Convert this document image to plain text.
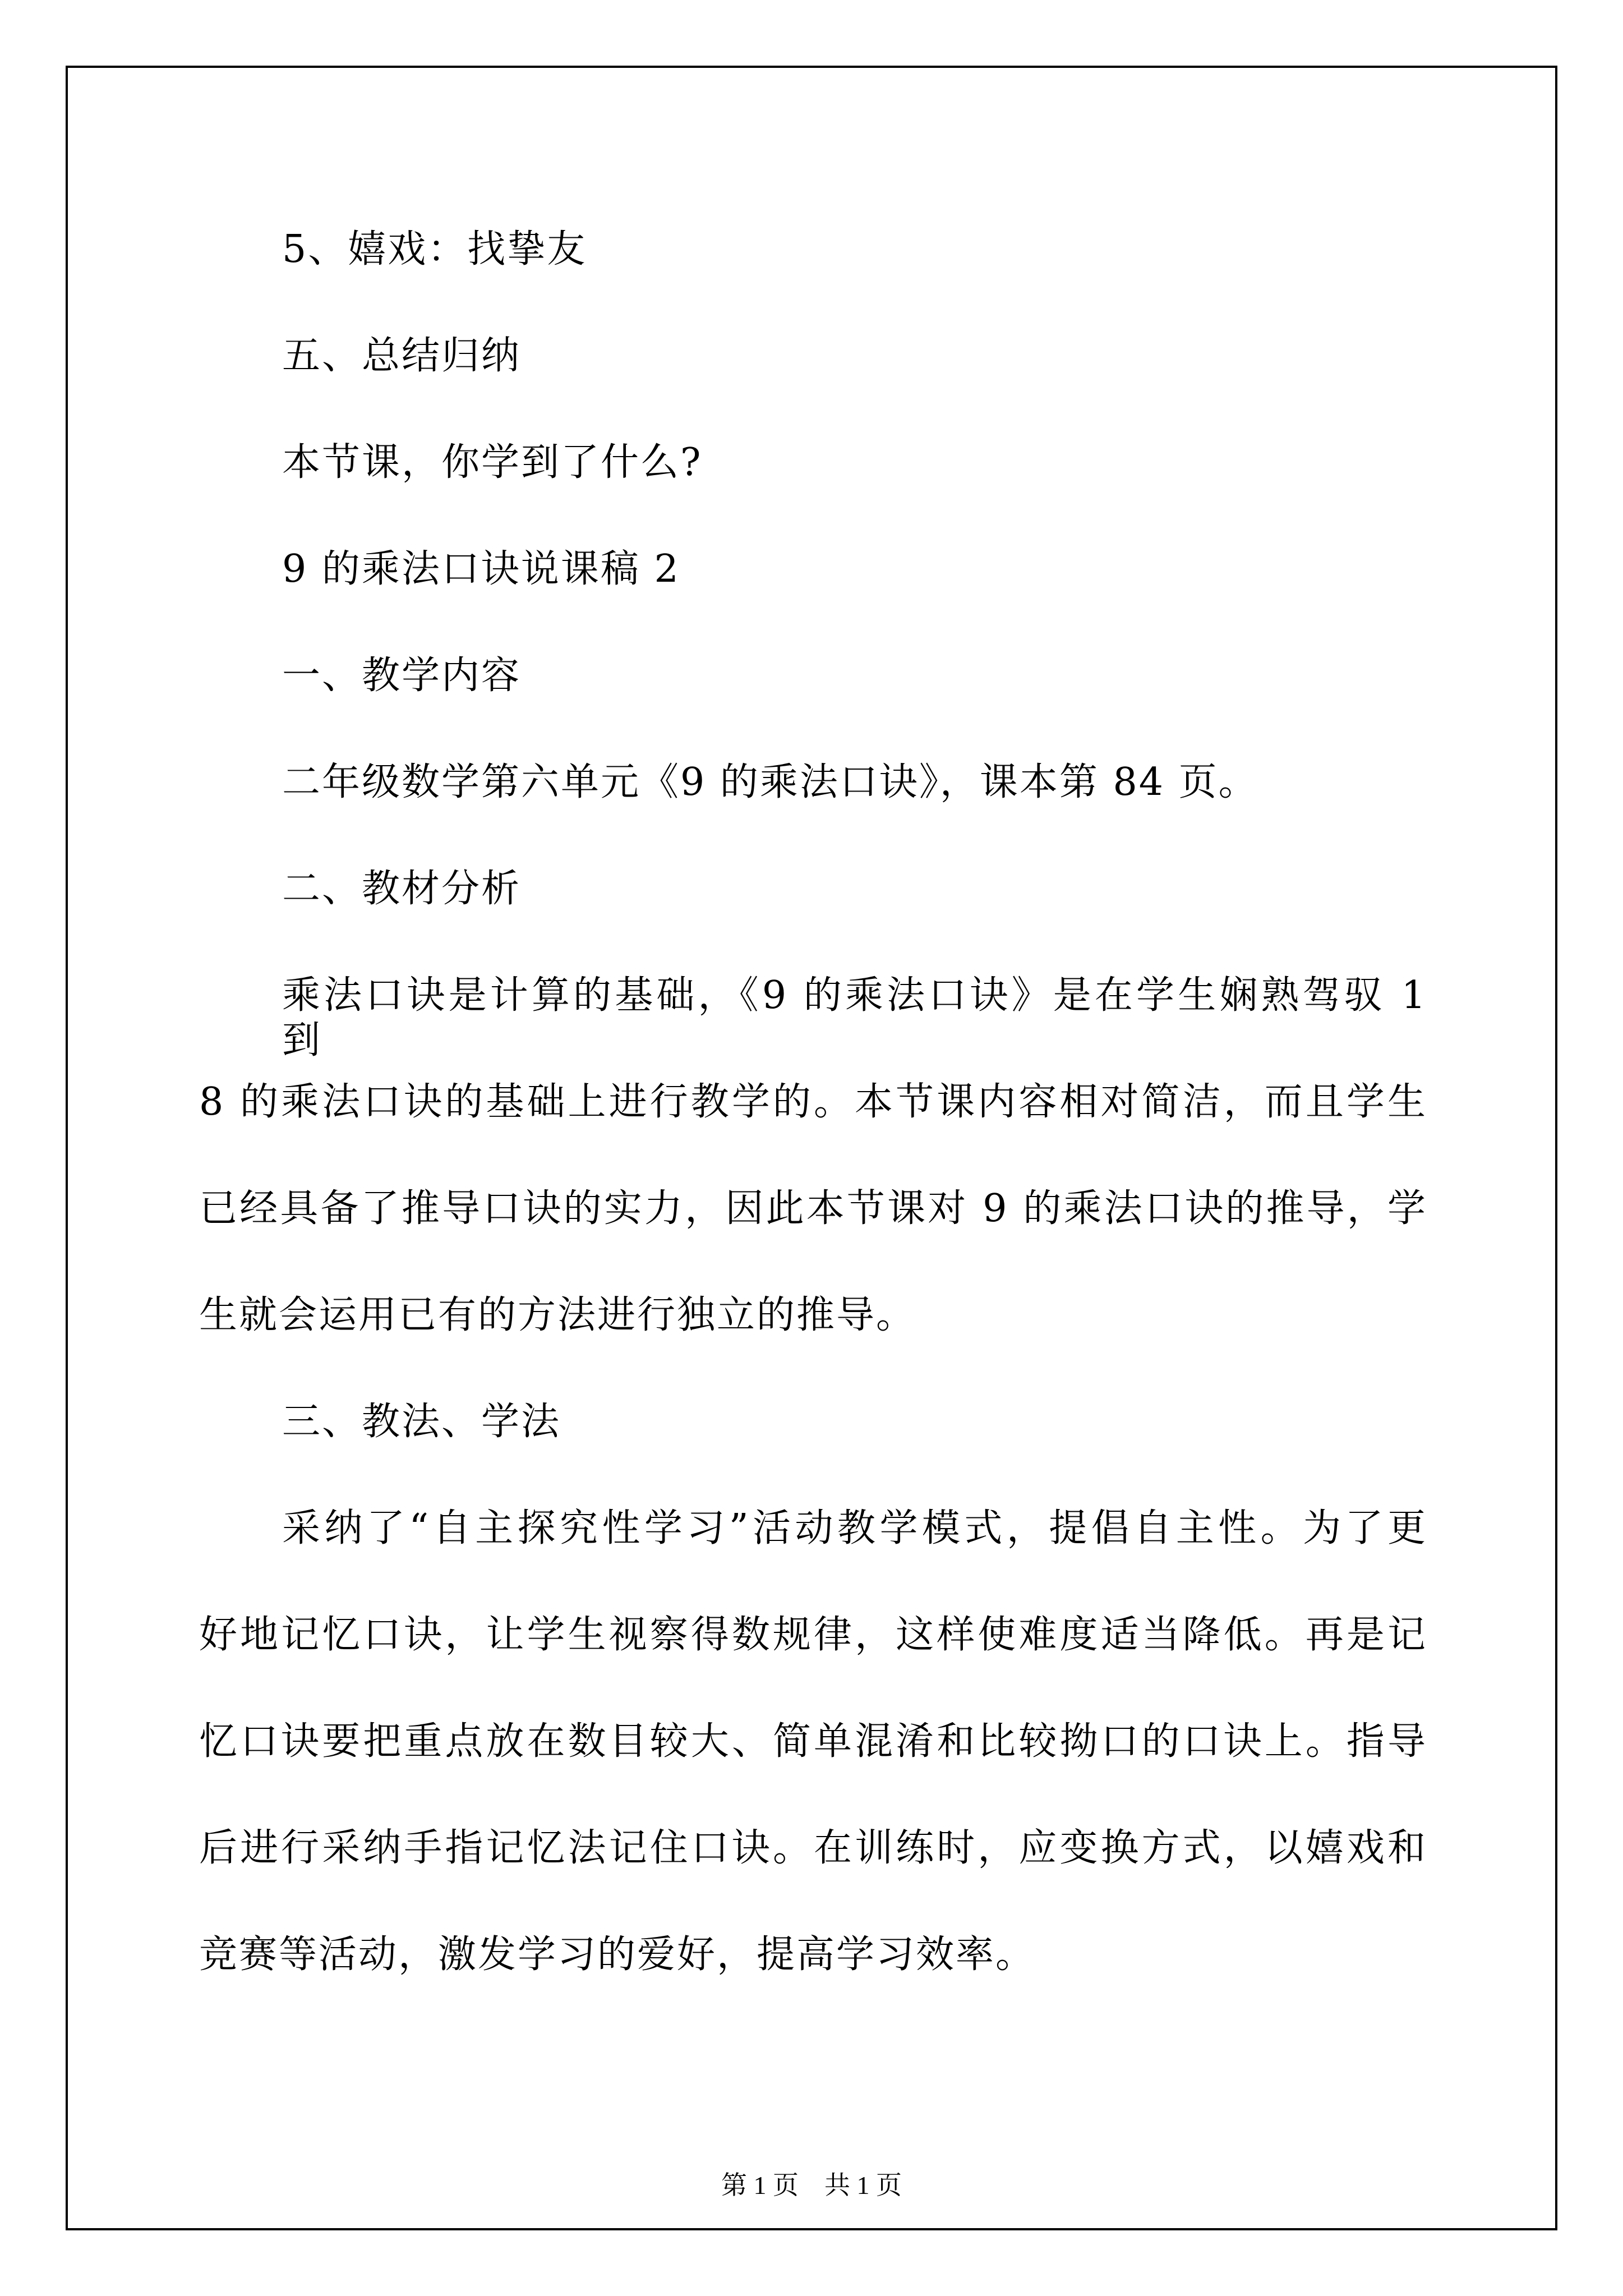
5、嬉戏：找挚友
五、总结归纳
本节课，你学到了什么?
9 的乘法口诀说课稿 2
一、教学内容
二年级数学第六单元《9 的乘法口诀》，课本第 84 页。
二、教材分析
乘法口诀是计算的基础，《9 的乘法口诀》是在学生娴熟驾驭 1 到
8 的乘法口诀的基础上进行教学的。本节课内容相对简洁，而且学生
已经具备了推导口诀的实力，因此本节课对 9 的乘法口诀的推导，学
生就会运用已有的方法进行独立的推导。
三、教法、学法
采纳了“自主探究性学习”活动教学模式，提倡自主性。为了更
好地记忆口诀，让学生视察得数规律，这样使难度适当降低。再是记
忆口诀要把重点放在数目较大、简单混淆和比较拗口的口诀上。指导
后进行采纳手指记忆法记住口诀。在训练时，应变换方式，以嬉戏和
竞赛等活动，激发学习的爱好，提高学习效率。
第 1 页　共 1 页
